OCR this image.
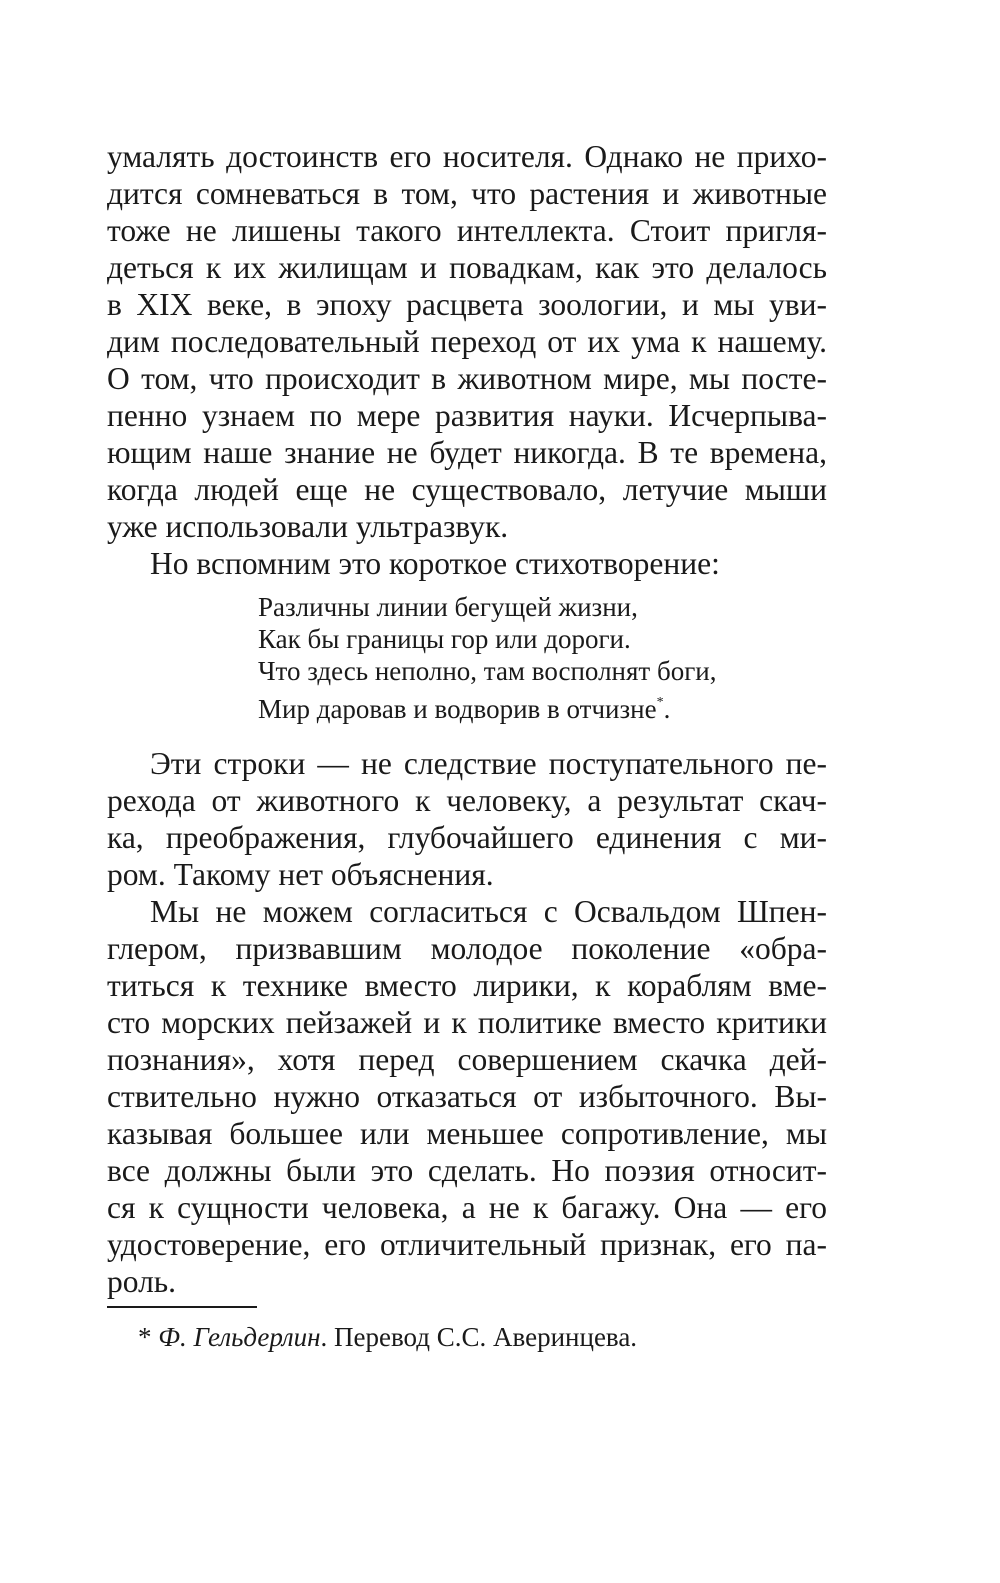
умалять достоинств его носителя. Однако не прихо-
дится сомневаться в том, что растения и животные
тоже не лишены такого интеллекта. Стоит пригля-
деться к их жилищам и повадкам, как это делалось
в XIX веке, в эпоху расцвета зоологии, и мы уви-
дим последовательный переход от их ума к нашему.
О том, что происходит в животном мире, мы посте-
пенно узнаем по мере развития науки. Исчерпыва-
ющим наше знание не будет никогда. В те времена,
когда людей еще не существовало, летучие мыши
уже использовали ультразвук.
Но вспомним это короткое стихотворение:
Различны линии бегущей жизни,
Как бы границы гор или дороги.
Что здесь неполно, там восполнят боги,
Мир даровав и водворив в отчизне*.
Эти строки — не следствие поступательного пе-
рехода от животного к человеку, а результат скач-
ка, преображения, глубочайшего единения с ми-
ром. Такому нет объяснения.
Мы не можем согласиться с Освальдом Шпен-
глером, призвавшим молодое поколение «обра-
титься к технике вместо лирики, к кораблям вме-
сто морских пейзажей и к политике вместо критики
познания», хотя перед совершением скачка дей-
ствительно нужно отказаться от избыточного. Вы-
казывая большее или меньшее сопротивление, мы
все должны были это сделать. Но поэзия относит-
ся к сущности человека, а не к багажу. Она — его
удостоверение, его отличительный признак, его па-
роль.
* Ф. Гельдерлин. Перевод С.С. Аверинцева.
